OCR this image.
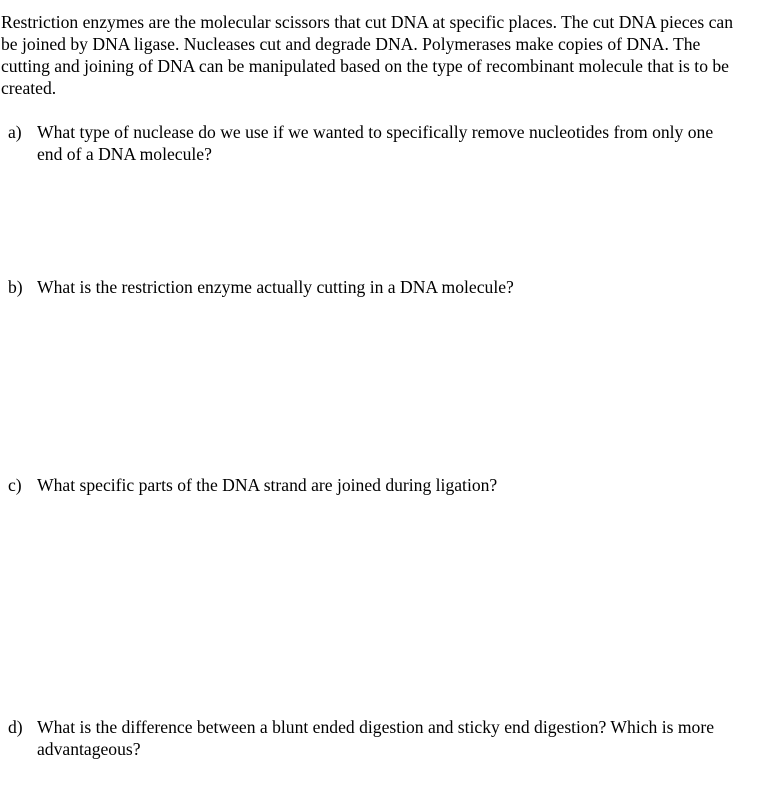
Restriction enzymes are the molecular scissors that cut DNA at specific places. The cut DNA pieces can be joined by DNA ligase. Nucleases cut and degrade DNA. Polymerases make copies of DNA. The cutting and joining of DNA can be manipulated based on the type of recombinant molecule that is to be created.

a) What type of nuclease do we use if we wanted to specifically remove nucleotides from only one end of a DNA molecule?
b) What is the restriction enzyme actually cutting in a DNA molecule?
c) What specific parts of the DNA strand are joined during ligation?
d) What is the difference between a blunt ended digestion and sticky end digestion? Which is more advantageous?
